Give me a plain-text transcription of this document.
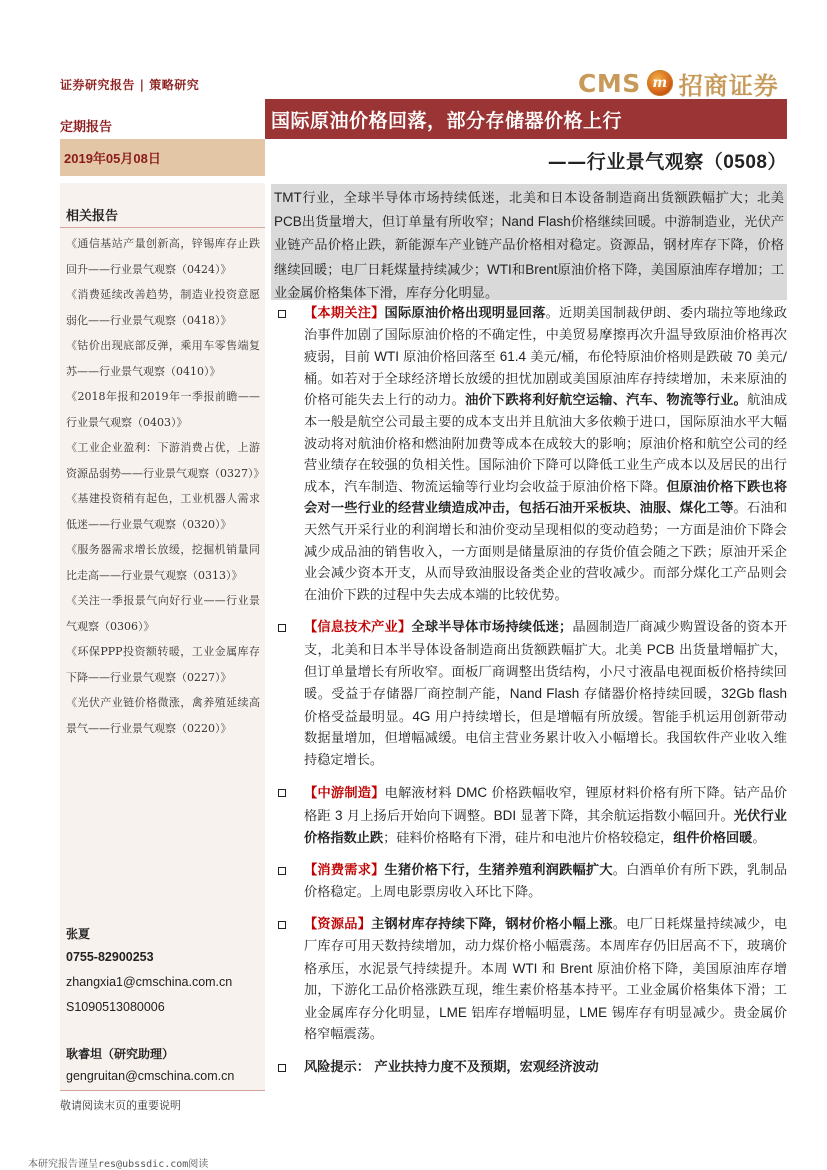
证券研究报告 | 策略研究	CMS m 招商证券
定期报告	国际原油价格回落，部分存储器价格上行
2019年05月08日	——行业景气观察（0508）
相关报告
《通信基站产量创新高，锌锡库存止跌回升——行业景气观察（0424）》
《消费延续改善趋势，制造业投资意愿弱化——行业景气观察（0418）》
《钴价出现底部反弹，乘用车零售端复苏——行业景气观察（0410）》
《2018年报和2019年一季报前瞻——行业景气观察（0403）》
《工业企业盈利：下游消费占优，上游资源品弱势——行业景气观察（0327）》
《基建投资稍有起色，工业机器人需求低迷——行业景气观察（0320）》
《服务器需求增长放缓，挖掘机销量同比走高——行业景气观察（0313）》
《关注一季报景气向好行业——行业景气观察（0306）》
《环保PPP投资额转暖，工业金属库存下降——行业景气观察（0227）》
《光伏产业链价格微涨，禽养殖延续高景气——行业景气观察（0220）》
张夏
0755-82900253
zhangxia1@cmschina.com.cn
S1090513080006
耿睿坦（研究助理）
gengruitan@cmschina.com.cn
TMT行业，全球半导体市场持续低迷，北美和日本设备制造商出货额跌幅扩大；北美PCB出货量增大，但订单量有所收窄；Nand Flash价格继续回暖。中游制造业，光伏产业链产品价格止跌，新能源车产业链产品价格相对稳定。资源品，钢材库存下降，价格继续回暖；电厂日耗煤量持续减少；WTI和Brent原油价格下降，美国原油库存增加；工业金属价格集体下滑，库存分化明显。
【本期关注】国际原油价格出现明显回落。近期美国制裁伊朗、委内瑞拉等地缘政治事件加剧了国际原油价格的不确定性，中美贸易摩擦再次升温导致原油价格再次疲弱，目前 WTI 原油价格回落至 61.4 美元/桶，布伦特原油价格则是跌破 70 美元/桶。如若对于全球经济增长放缓的担忧加剧或美国原油库存持续增加，未来原油的价格可能失去上行的动力。油价下跌将利好航空运输、汽车、物流等行业。航油成本一般是航空公司最主要的成本支出并且航油大多依赖于进口，国际原油水平大幅波动将对航油价格和燃油附加费等成本在成较大的影响；原油价格和航空公司的经营业绩存在较强的负相关性。国际油价下降可以降低工业生产成本以及居民的出行成本，汽车制造、物流运输等行业均会收益于原油价格下降。但原油价格下跌也将会对一些行业的经营业绩造成冲击，包括石油开采板块、油服、煤化工等。石油和天然气开采行业的利润增长和油价变动呈现相似的变动趋势；一方面是油价下降会减少成品油的销售收入，一方面则是储量原油的存货价值会随之下跌；原油开采企业会减少资本开支，从而导致油服设备类企业的营收减少。而部分煤化工产品则会在油价下跌的过程中失去成本端的比较优势。
【信息技术产业】全球半导体市场持续低迷；晶圆制造厂商减少购置设备的资本开支，北美和日本半导体设备制造商出货额跌幅扩大。北美 PCB 出货量增幅扩大，但订单量增长有所收窄。面板厂商调整出货结构，小尺寸液晶电视面板价格持续回暖。受益于存储器厂商控制产能，Nand Flash 存储器价格持续回暖，32Gb flash 价格受益最明显。4G 用户持续增长，但是增幅有所放缓。智能手机运用创新带动数据量增加，但增幅减缓。电信主营业务累计收入小幅增长。我国软件产业收入维持稳定增长。
【中游制造】电解液材料 DMC 价格跌幅收窄，锂原材料价格有所下降。钴产品价格距 3 月上扬后开始向下调整。BDI 显著下降，其余航运指数小幅回升。光伏行业价格指数止跌；硅料价格略有下滑，硅片和电池片价格较稳定，组件价格回暖。
【消费需求】生猪价格下行，生猪养殖利润跌幅扩大。白酒单价有所下跌，乳制品价格稳定。上周电影票房收入环比下降。
【资源品】主钢材库存持续下降，钢材价格小幅上涨。电厂日耗煤量持续减少，电厂库存可用天数持续增加，动力煤价格小幅震荡。本周库存仍旧居高不下，玻璃价格承压，水泥景气持续提升。本周 WTI 和 Brent 原油价格下降，美国原油库存增加，下游化工品价格涨跌互现，维生素价格基本持平。工业金属价格集体下滑；工业金属库存分化明显，LME 铝库存增幅明显，LME 锡库存有明显减少。贵金属价格窄幅震荡。
风险提示： 产业扶持力度不及预期，宏观经济波动
敬请阅读末页的重要说明
本研究报告谨呈res@ubssdic.com阅读
